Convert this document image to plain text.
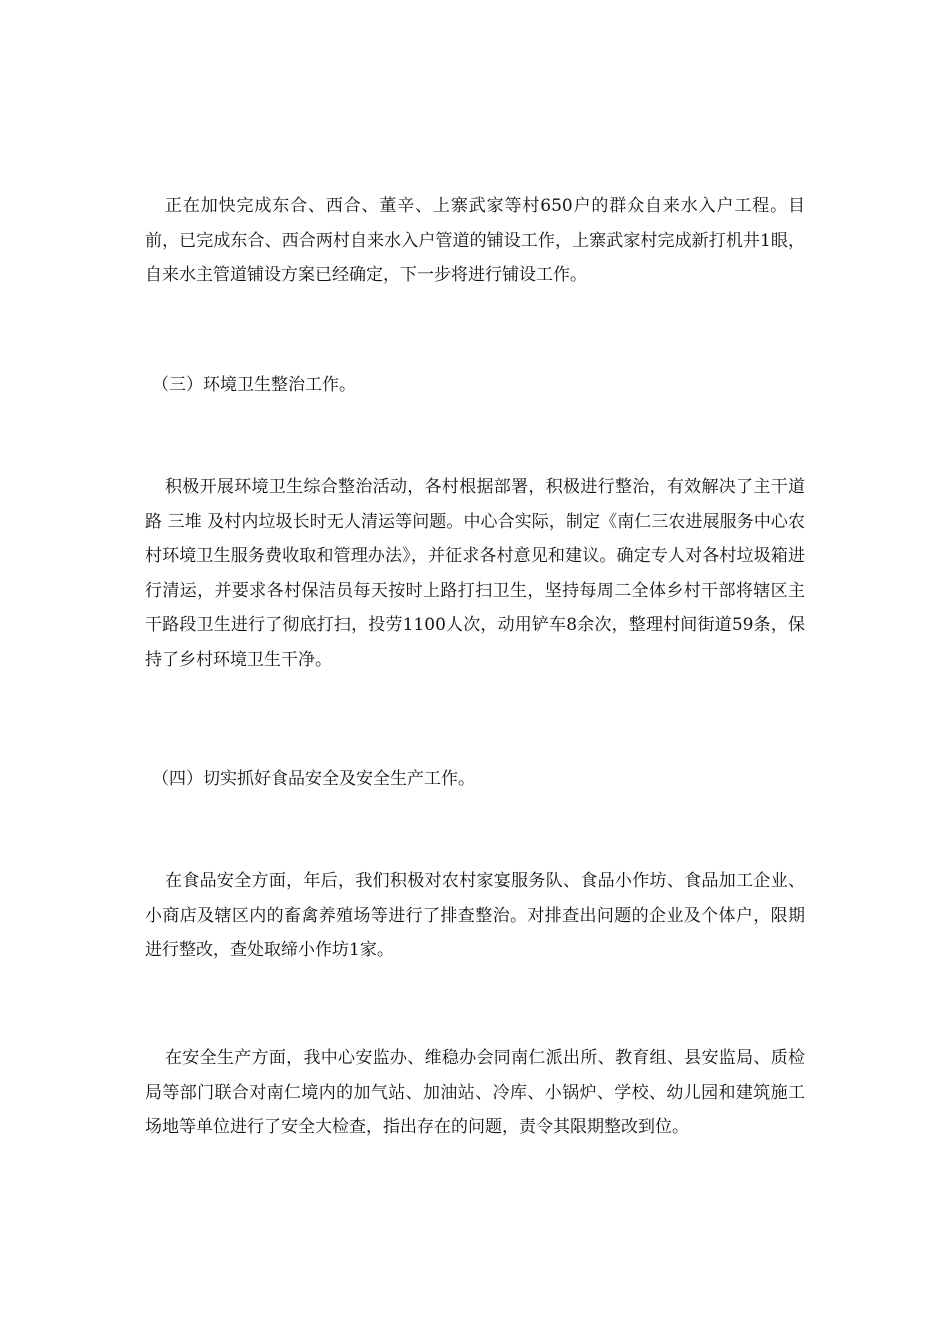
正在加快完成东合、西合、董辛、上寨武家等村650户的群众自来水入户工程。目前，已完成东合、西合两村自来水入户管道的铺设工作，上寨武家村完成新打机井1眼，自来水主管道铺设方案已经确定，下一步将进行铺设工作。

（三）环境卫生整治工作。

积极开展环境卫生综合整治活动，各村根据部署，积极进行整治，有效解决了主干道路 三堆 及村内垃圾长时无人清运等问题。中心合实际，制定《南仁三农进展服务中心农村环境卫生服务费收取和管理办法》，并征求各村意见和建议。确定专人对各村垃圾箱进行清运，并要求各村保洁员每天按时上路打扫卫生，坚持每周二全体乡村干部将辖区主干路段卫生进行了彻底打扫，投劳1100人次，动用铲车8余次，整理村间街道59条，保持了乡村环境卫生干净。

（四）切实抓好食品安全及安全生产工作。

在食品安全方面，年后，我们积极对农村家宴服务队、食品小作坊、食品加工企业、小商店及辖区内的畜禽养殖场等进行了排查整治。对排查出问题的企业及个体户，限期进行整改，查处取缔小作坊1家。

在安全生产方面，我中心安监办、维稳办会同南仁派出所、教育组、县安监局、质检局等部门联合对南仁境内的加气站、加油站、冷库、小锅炉、学校、幼儿园和建筑施工场地等单位进行了安全大检查，指出存在的问题，责令其限期整改到位。
